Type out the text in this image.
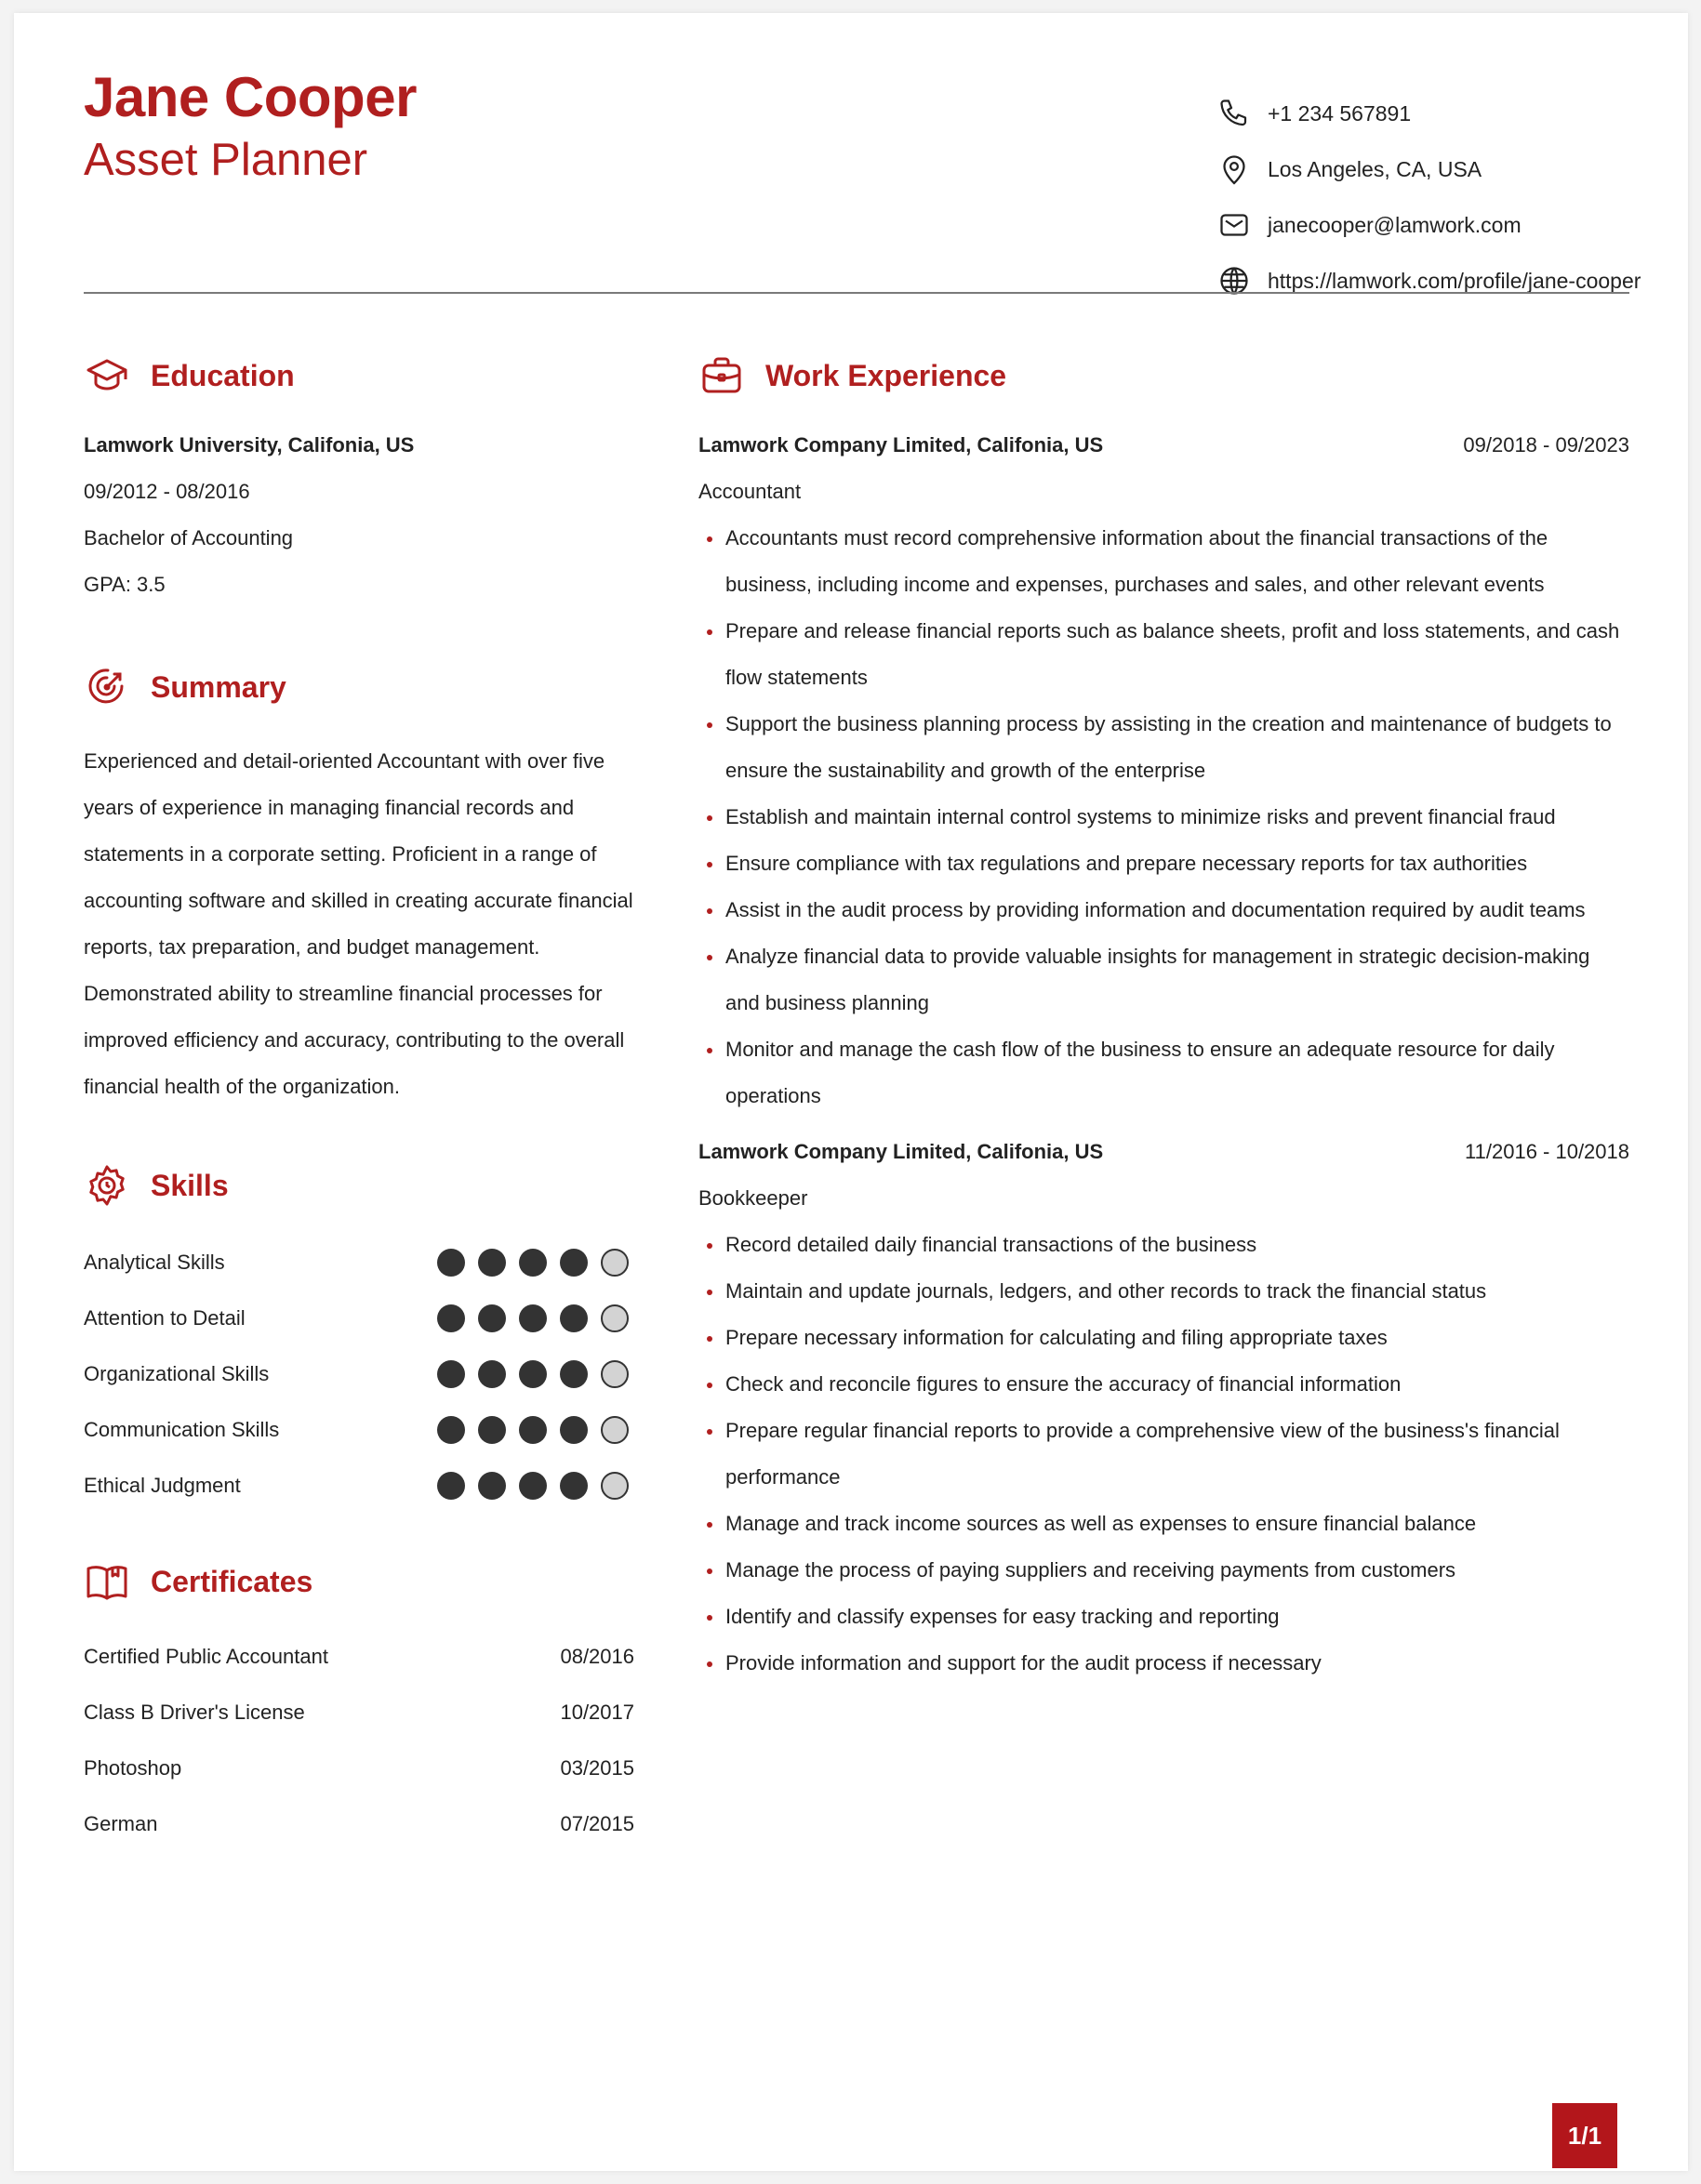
Jane Cooper
Asset Planner
+1 234 567891
Los Angeles, CA, USA
janecooper@lamwork.com
https://lamwork.com/profile/jane-cooper
Education
Lamwork University, Califonia, US
09/2012 - 08/2016
Bachelor of Accounting
GPA: 3.5
Summary
Experienced and detail-oriented Accountant with over five years of experience in managing financial records and statements in a corporate setting. Proficient in a range of accounting software and skilled in creating accurate financial reports, tax preparation, and budget management. Demonstrated ability to streamline financial processes for improved efficiency and accuracy, contributing to the overall financial health of the organization.
Skills
Analytical Skills
Attention to Detail
Organizational Skills
Communication Skills
Ethical Judgment
Certificates
Certified Public Accountant	08/2016
Class B Driver's License	10/2017
Photoshop	03/2015
German	07/2015
Work Experience
Lamwork Company Limited, Califonia, US	09/2018 - 09/2023
Accountant
Accountants must record comprehensive information about the financial transactions of the business, including income and expenses, purchases and sales, and other relevant events
Prepare and release financial reports such as balance sheets, profit and loss statements, and cash flow statements
Support the business planning process by assisting in the creation and maintenance of budgets to ensure the sustainability and growth of the enterprise
Establish and maintain internal control systems to minimize risks and prevent financial fraud
Ensure compliance with tax regulations and prepare necessary reports for tax authorities
Assist in the audit process by providing information and documentation required by audit teams
Analyze financial data to provide valuable insights for management in strategic decision-making and business planning
Monitor and manage the cash flow of the business to ensure an adequate resource for daily operations
Lamwork Company Limited, Califonia, US	11/2016 - 10/2018
Bookkeeper
Record detailed daily financial transactions of the business
Maintain and update journals, ledgers, and other records to track the financial status
Prepare necessary information for calculating and filing appropriate taxes
Check and reconcile figures to ensure the accuracy of financial information
Prepare regular financial reports to provide a comprehensive view of the business's financial performance
Manage and track income sources as well as expenses to ensure financial balance
Manage the process of paying suppliers and receiving payments from customers
Identify and classify expenses for easy tracking and reporting
Provide information and support for the audit process if necessary
1/1
